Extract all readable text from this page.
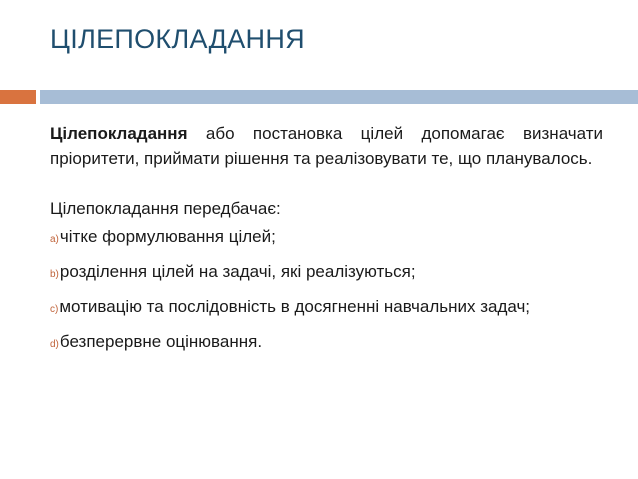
ЦІЛЕПОКЛАДАННЯ

Цілепокладання або постановка цілей допомагає визначати пріоритети, приймати рішення та реалізовувати те, що планувалось.

Цілепокладання передбачає:

a)чітке формулювання цілей;
b)розділення цілей на задачі, які реалізуються;
c)мотивацію та послідовність в досягненні навчальних задач;
d)безперервне оцінювання.
